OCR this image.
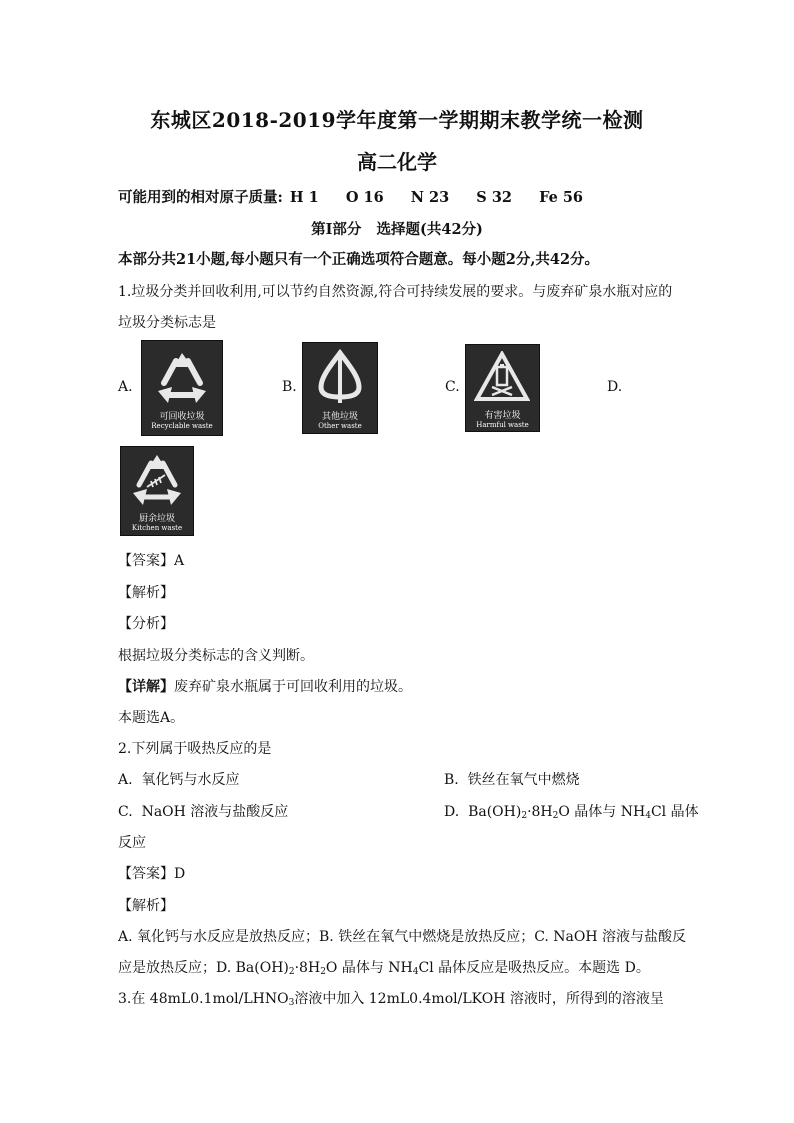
东城区2018-2019学年度第一学期期末教学统一检测
高二化学
可能用到的相对原子质量: H 1 O 16 N 23 S 32 Fe 56
第I部分   选择题(共42分)
本部分共21小题,每小题只有一个正确选项符合题意。每小题2分,共42分。
1.垃圾分类并回收利用,可以节约自然资源,符合可持续发展的要求。与废弃矿泉水瓶对应的
垃圾分类标志是
A.
可回收垃圾
Recyclable waste
B.
其他垃圾
Other waste
C.
有害垃圾
Harmful waste
D.
厨余垃圾
Kitchen waste
【答案】A
【解析】
【分析】
根据垃圾分类标志的含义判断。
【详解】废弃矿泉水瓶属于可回收利用的垃圾。
本题选A。
2.下列属于吸热反应的是
A.  氧化钙与水反应	B.  铁丝在氧气中燃烧
C.  NaOH 溶液与盐酸反应	D.  $Ba(OH)_2\cdot 8H_2O$ 晶体与 $NH_4Cl$ 晶体
反应
【答案】D
【解析】
A. 氧化钙与水反应是放热反应；B. 铁丝在氧气中燃烧是放热反应；C. NaOH 溶液与盐酸反
应是放热反应；D. $Ba(OH)_2\cdot 8H_2O$ 晶体与 $NH_4Cl$ 晶体反应是吸热反应。本题选 D。
3.在 $48mL0.1mol/LHNO_3$溶液中加入 12mL0.4mol/LKOH 溶液时，所得到的溶液呈
